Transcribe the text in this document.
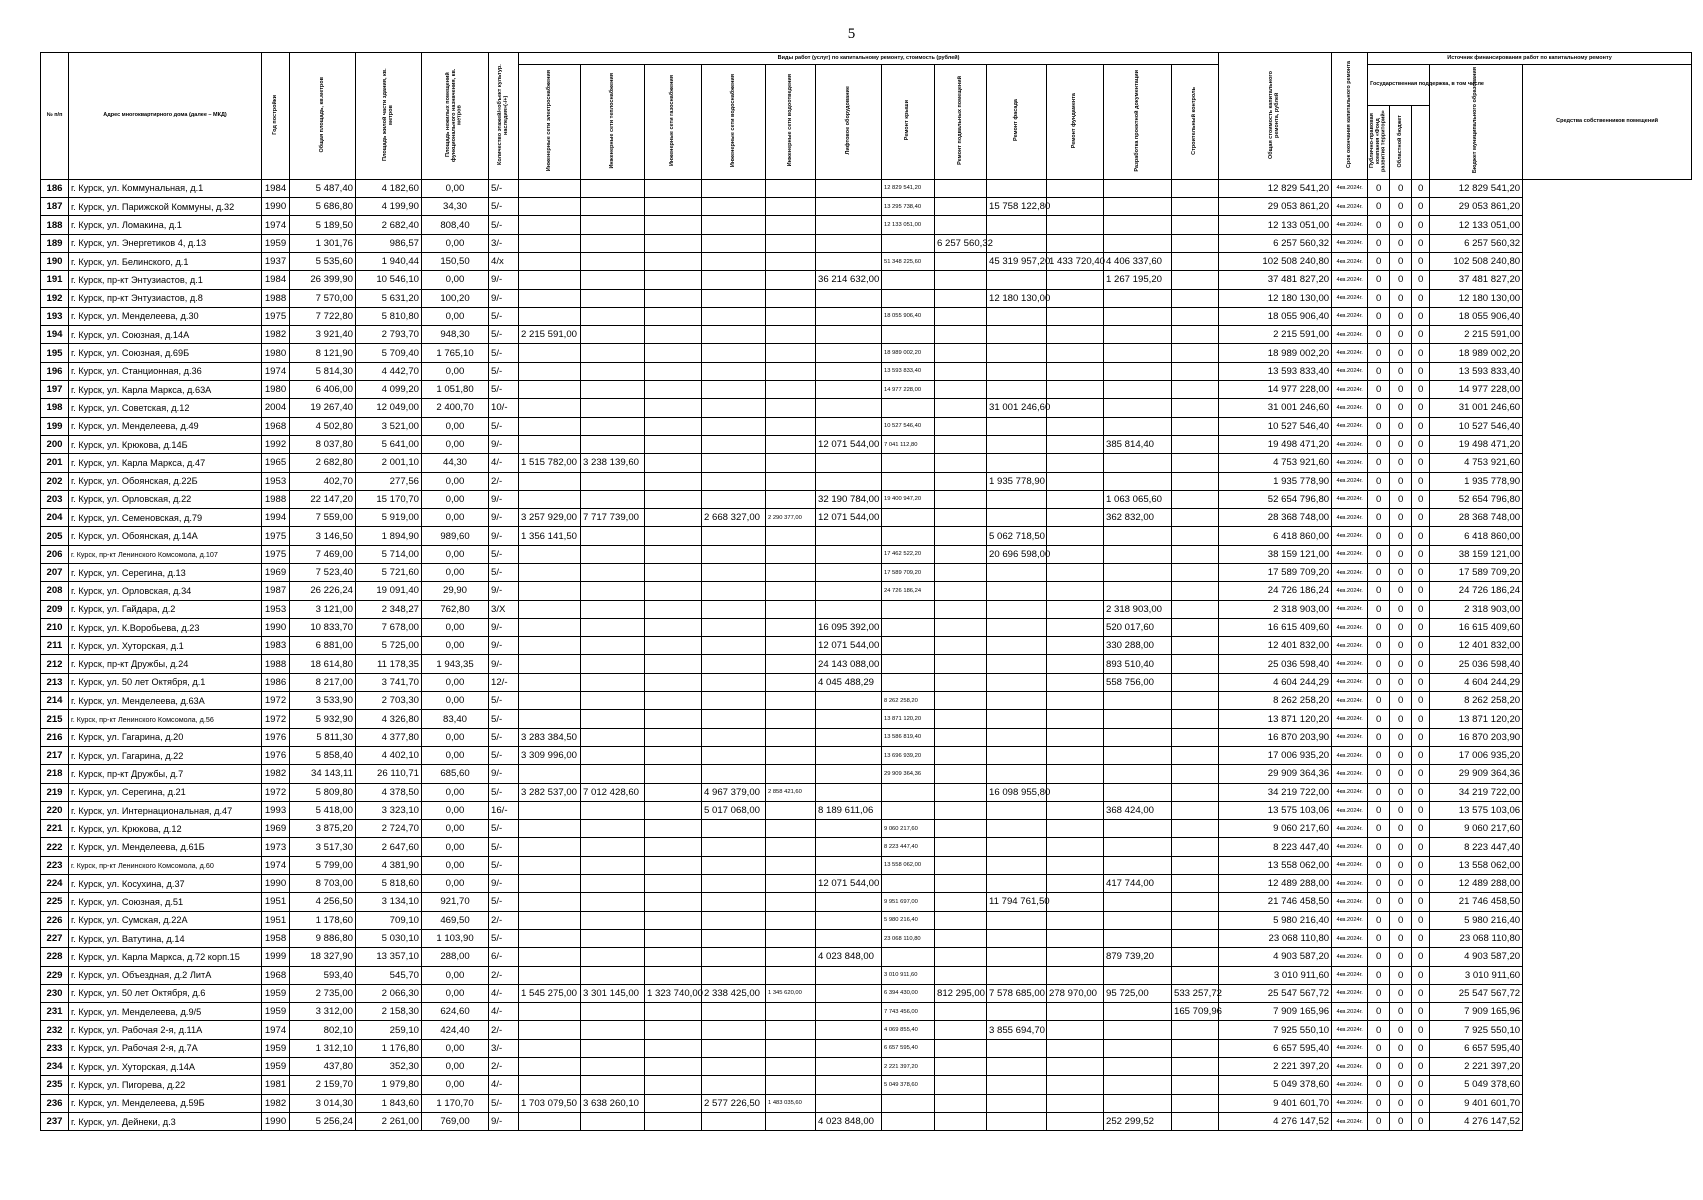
5
№ п/п	Адрес многоквартирного дома (далее – МКД)	Год постройки	Общая площадь, кв.метров	Площадь жилой части здания, кв. метров	Площадь нежилых помещений функционального назначения, кв. метров	Количество этажей/«объект культур. наследия»(-/+)	Виды работ (услуг) по капитальному ремонту, стоимость (рублей)												Общая стоимость капитального ремонта, рублей	Срок окончания капитального ремонта	Источник финансирования работ по капитальному ремонту				
							Инженерные сети электроснабжения	Инженерные сети теплоснабжения	Инженерные сети газоснабжения	Инженерные сети водоснабжения	Инженерные сети водоотведения	Лифтовое оборудование	Ремонт крыши	Ремонт подвальных помещений	Ремонт фасада	Ремонт фундамента	Разработка проектной документации	Строительный контроль			Государственная поддержка, в том числе			Бюджет муниципального образования	Средства собственников помещений
																					Публично-правовая компания «Фонд развития территорий»	Областной бюджет		
186	г. Курск, ул. Коммунальная, д.1	1984	5 487,40	4 182,60	0,00	5/-							12 829 541,20						12 829 541,20	4кв.2024г.	0	0	0	12 829 541,20	
187	г. Курск, ул. Парижской Коммуны, д.32	1990	5 686,80	4 199,90	34,30	5/-							13 295 738,40		15 758 122,80				29 053 861,20	4кв.2024г.	0	0	0	29 053 861,20	
188	г. Курск, ул. Ломакина, д.1	1974	5 189,50	2 682,40	808,40	5/-							12 133 051,00						12 133 051,00	4кв.2024г.	0	0	0	12 133 051,00	
189	г. Курск, ул. Энергетиков 4, д.13	1959	1 301,76	986,57	0,00	3/-								6 257 560,32					6 257 560,32	4кв.2024г.	0	0	0	6 257 560,32	
190	г. Курск, ул. Белинского, д.1	1937	5 535,60	1 940,44	150,50	4/х							51 348 225,60		45 319 957,20	1 433 720,40	4 406 337,60		102 508 240,80	4кв.2024г.	0	0	0	102 508 240,80	
191	г. Курск, пр-кт Энтузиастов, д.1	1984	26 399,90	10 546,10	0,00	9/-						36 214 632,00					1 267 195,20		37 481 827,20	4кв.2024г.	0	0	0	37 481 827,20	
192	г. Курск, пр-кт Энтузиастов, д.8	1988	7 570,00	5 631,20	100,20	9/-									12 180 130,00				12 180 130,00	4кв.2024г.	0	0	0	12 180 130,00	
193	г. Курск, ул. Менделеева, д.30	1975	7 722,80	5 810,80	0,00	5/-							18 055 906,40						18 055 906,40	4кв.2024г.	0	0	0	18 055 906,40	
194	г. Курск, ул. Союзная, д.14А	1982	3 921,40	2 793,70	948,30	5/-	2 215 591,00												2 215 591,00	4кв.2024г.	0	0	0	2 215 591,00	
195	г. Курск, ул. Союзная, д.69Б	1980	8 121,90	5 709,40	1 765,10	5/-							18 989 002,20						18 989 002,20	4кв.2024г.	0	0	0	18 989 002,20	
196	г. Курск, ул. Станционная, д.36	1974	5 814,30	4 442,70	0,00	5/-							13 593 833,40						13 593 833,40	4кв.2024г.	0	0	0	13 593 833,40	
197	г. Курск, ул. Карла Маркса, д.63А	1980	6 406,00	4 099,20	1 051,80	5/-							14 977 228,00						14 977 228,00	4кв.2024г.	0	0	0	14 977 228,00	
198	г. Курск, ул. Советская, д.12	2004	19 267,40	12 049,00	2 400,70	10/-									31 001 246,60				31 001 246,60	4кв.2024г.	0	0	0	31 001 246,60	
199	г. Курск, ул. Менделеева, д.49	1968	4 502,80	3 521,00	0,00	5/-							10 527 546,40						10 527 546,40	4кв.2024г.	0	0	0	10 527 546,40	
200	г. Курск, ул. Крюкова, д.14Б	1992	8 037,80	5 641,00	0,00	9/-						12 071 544,00	7 041 112,80				385 814,40		19 498 471,20	4кв.2024г.	0	0	0	19 498 471,20	
201	г. Курск, ул. Карла Маркса, д.47	1965	2 682,80	2 001,10	44,30	4/-	1 515 782,00	3 238 139,60											4 753 921,60	4кв.2024г.	0	0	0	4 753 921,60	
202	г. Курск, ул. Обоянская, д.22Б	1953	402,70	277,56	0,00	2/-									1 935 778,90				1 935 778,90	4кв.2024г.	0	0	0	1 935 778,90	
203	г. Курск, ул. Орловская, д.22	1988	22 147,20	15 170,70	0,00	9/-						32 190 784,00	19 400 947,20				1 063 065,60		52 654 796,80	4кв.2024г.	0	0	0	52 654 796,80	
204	г. Курск, ул. Семеновская, д.79	1994	7 559,00	5 919,00	0,00	9/-	3 257 929,00	7 717 739,00		2 668 327,00	2 290 377,00	12 071 544,00					362 832,00		28 368 748,00	4кв.2024г.	0	0	0	28 368 748,00	
205	г. Курск, ул. Обоянская, д.14А	1975	3 146,50	1 894,90	989,60	9/-	1 356 141,50								5 062 718,50				6 418 860,00	4кв.2024г.	0	0	0	6 418 860,00	
206	г. Курск, пр-кт Ленинского Комсомола, д.107	1975	7 469,00	5 714,00	0,00	5/-							17 462 522,20		20 696 598,00				38 159 121,00	4кв.2024г.	0	0	0	38 159 121,00	
207	г. Курск, ул. Серегина, д.13	1969	7 523,40	5 721,60	0,00	5/-							17 589 709,20						17 589 709,20	4кв.2024г.	0	0	0	17 589 709,20	
208	г. Курск, ул. Орловская, д.34	1987	26 226,24	19 091,40	29,90	9/-							24 726 186,24						24 726 186,24	4кв.2024г.	0	0	0	24 726 186,24	
209	г. Курск, ул. Гайдара, д.2	1953	3 121,00	2 348,27	762,80	3/Х											2 318 903,00		2 318 903,00	4кв.2024г.	0	0	0	2 318 903,00	
210	г. Курск, ул. К.Воробьева, д.23	1990	10 833,70	7 678,00	0,00	9/-						16 095 392,00					520 017,60		16 615 409,60	4кв.2024г.	0	0	0	16 615 409,60	
211	г. Курск, ул. Хуторская, д.1	1983	6 881,00	5 725,00	0,00	9/-						12 071 544,00					330 288,00		12 401 832,00	4кв.2024г.	0	0	0	12 401 832,00	
212	г. Курск, пр-кт Дружбы, д.24	1988	18 614,80	11 178,35	1 943,35	9/-						24 143 088,00					893 510,40		25 036 598,40	4кв.2024г.	0	0	0	25 036 598,40	
213	г. Курск, ул. 50 лет Октября, д.1	1986	8 217,00	3 741,70	0,00	12/-						4 045 488,29					558 756,00		4 604 244,29	4кв.2024г.	0	0	0	4 604 244,29	
214	г. Курск, ул. Менделеева, д.63А	1972	3 533,90	2 703,30	0,00	5/-							8 262 258,20						8 262 258,20	4кв.2024г.	0	0	0	8 262 258,20	
215	г. Курск, пр-кт Ленинского Комсомола, д.56	1972	5 932,90	4 326,80	83,40	5/-							13 871 120,20						13 871 120,20	4кв.2024г.	0	0	0	13 871 120,20	
216	г. Курск, ул. Гагарина, д.20	1976	5 811,30	4 377,80	0,00	5/-	3 283 384,50						13 586 819,40						16 870 203,90	4кв.2024г.	0	0	0	16 870 203,90	
217	г. Курск, ул. Гагарина, д.22	1976	5 858,40	4 402,10	0,00	5/-	3 309 996,00						13 696 939,20						17 006 935,20	4кв.2024г.	0	0	0	17 006 935,20	
218	г. Курск, пр-кт Дружбы, д.7	1982	34 143,11	26 110,71	685,60	9/-							29 909 364,36						29 909 364,36	4кв.2024г.	0	0	0	29 909 364,36	
219	г. Курск, ул. Серегина, д.21	1972	5 809,80	4 378,50	0,00	5/-	3 282 537,00	7 012 428,60		4 967 379,00	2 858 421,60				16 098 955,80				34 219 722,00	4кв.2024г.	0	0	0	34 219 722,00	
220	г. Курск, ул. Интернациональная, д.47	1993	5 418,00	3 323,10	0,00	16/-				5 017 068,00		8 189 611,06					368 424,00		13 575 103,06	4кв.2024г.	0	0	0	13 575 103,06	
221	г. Курск, ул. Крюкова, д.12	1969	3 875,20	2 724,70	0,00	5/-							9 060 217,60						9 060 217,60	4кв.2024г.	0	0	0	9 060 217,60	
222	г. Курск, ул. Менделеева, д.61Б	1973	3 517,30	2 647,60	0,00	5/-							8 223 447,40						8 223 447,40	4кв.2024г.	0	0	0	8 223 447,40	
223	г. Курск, пр-кт Ленинского Комсомола, д.60	1974	5 799,00	4 381,90	0,00	5/-							13 558 062,00						13 558 062,00	4кв.2024г.	0	0	0	13 558 062,00	
224	г. Курск, ул. Косухина, д.37	1990	8 703,00	5 818,60	0,00	9/-						12 071 544,00					417 744,00		12 489 288,00	4кв.2024г.	0	0	0	12 489 288,00	
225	г. Курск, ул. Союзная, д.51	1951	4 256,50	3 134,10	921,70	5/-							9 951 697,00		11 794 761,50				21 746 458,50	4кв.2024г.	0	0	0	21 746 458,50	
226	г. Курск, ул. Сумская, д.22А	1951	1 178,60	709,10	469,50	2/-							5 980 216,40						5 980 216,40	4кв.2024г.	0	0	0	5 980 216,40	
227	г. Курск, ул. Ватутина, д.14	1958	9 886,80	5 030,10	1 103,90	5/-							23 068 110,80						23 068 110,80	4кв.2024г.	0	0	0	23 068 110,80	
228	г. Курск, ул. Карла Маркса, д.72 корп.15	1999	18 327,90	13 357,10	288,00	6/-						4 023 848,00					879 739,20		4 903 587,20	4кв.2024г.	0	0	0	4 903 587,20	
229	г. Курск, ул. Объездная, д.2 ЛитА	1968	593,40	545,70	0,00	2/-							3 010 911,60						3 010 911,60	4кв.2024г.	0	0	0	3 010 911,60	
230	г. Курск, ул. 50 лет Октября, д.6	1959	2 735,00	2 066,30	0,00	4/-	1 545 275,00	3 301 145,00	1 323 740,00	2 338 425,00	1 345 620,00		6 394 430,00	812 295,00	7 578 685,00	278 970,00	95 725,00	533 257,72	25 547 567,72	4кв.2024г.	0	0	0	25 547 567,72	
231	г. Курск, ул. Менделеева, д.9/5	1959	3 312,00	2 158,30	624,60	4/-							7 743 456,00					165 709,96	7 909 165,96	4кв.2024г.	0	0	0	7 909 165,96	
232	г. Курск, ул. Рабочая 2-я, д.11А	1974	802,10	259,10	424,40	2/-							4 069 855,40		3 855 694,70				7 925 550,10	4кв.2024г.	0	0	0	7 925 550,10	
233	г. Курск, ул. Рабочая 2-я, д.7А	1959	1 312,10	1 176,80	0,00	3/-							6 657 595,40						6 657 595,40	4кв.2024г.	0	0	0	6 657 595,40	
234	г. Курск, ул. Хуторская, д.14А	1959	437,80	352,30	0,00	2/-							2 221 397,20						2 221 397,20	4кв.2024г.	0	0	0	2 221 397,20	
235	г. Курск, ул. Пигорева, д.22	1981	2 159,70	1 979,80	0,00	4/-							5 049 378,60						5 049 378,60	4кв.2024г.	0	0	0	5 049 378,60	
236	г. Курск, ул. Менделеева, д.59Б	1982	3 014,30	1 843,60	1 170,70	5/-	1 703 079,50	3 638 260,10		2 577 226,50	1 483 035,60								9 401 601,70	4кв.2024г.	0	0	0	9 401 601,70	
237	г. Курск, ул. Дейнеки, д.3	1990	5 256,24	2 261,00	769,00	9/-						4 023 848,00					252 299,52		4 276 147,52	4кв.2024г.	0	0	0	4 276 147,52	
